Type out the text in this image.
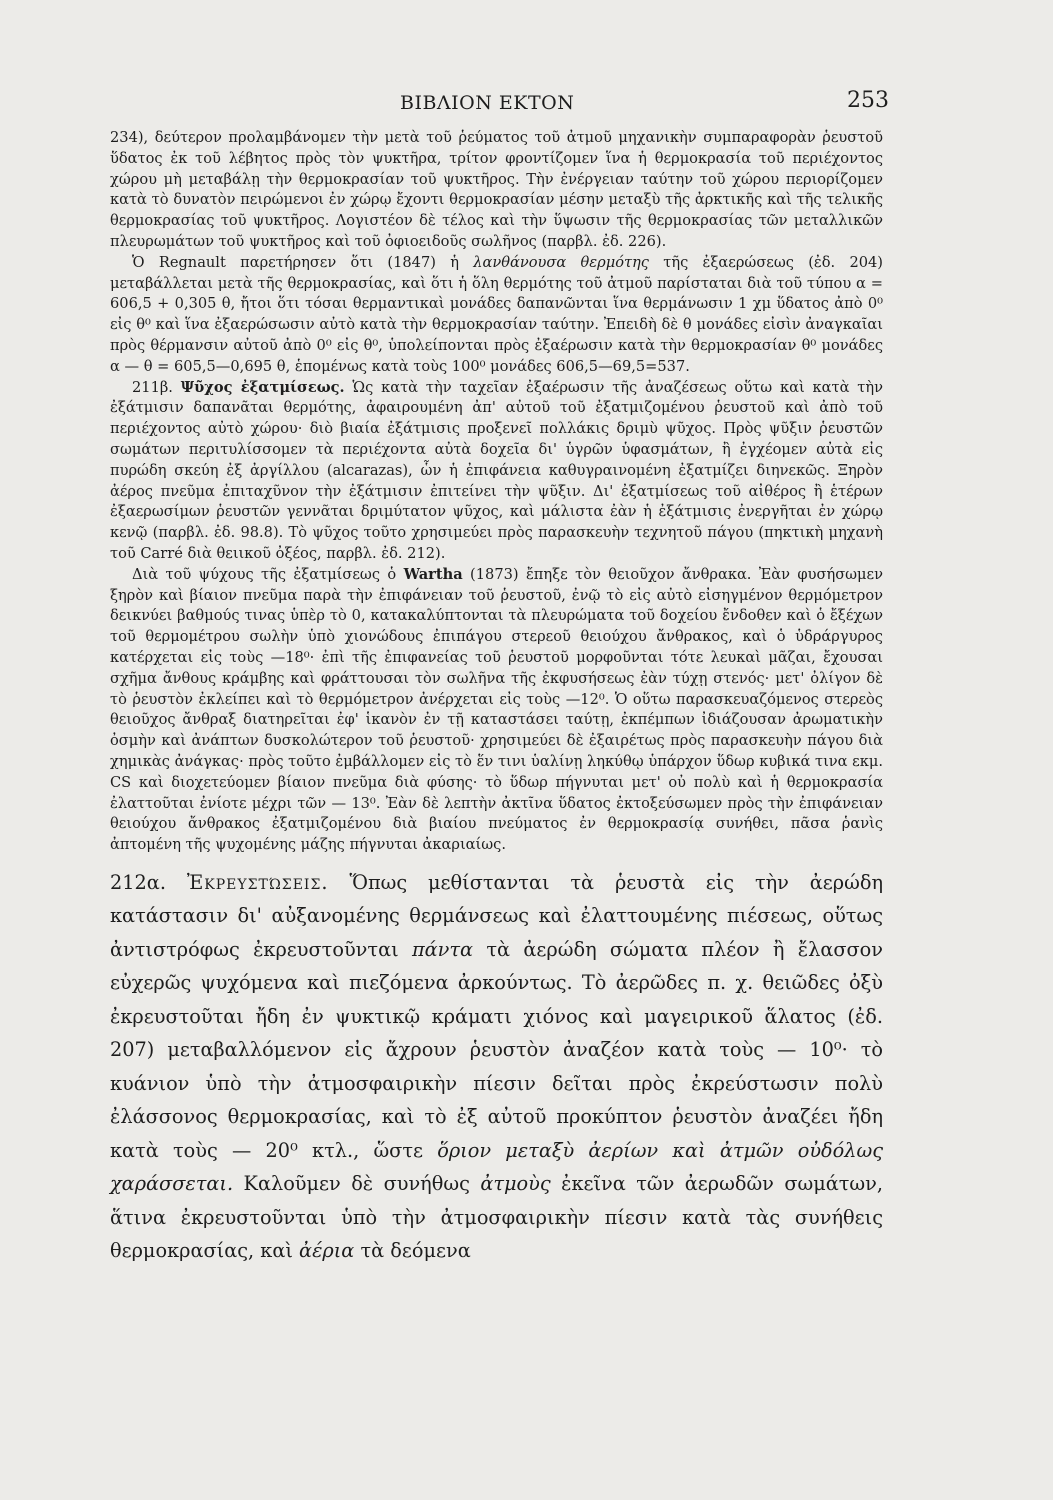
ΒΙΒΛΙΟΝ ΕΚΤΟΝ	253

234), δεύτερον προλαμβάνομεν τὴν μετὰ τοῦ ῥεύματος τοῦ ἀτμοῦ μηχανικὴν συμπαραφορὰν ῥευστοῦ ὕδατος ἐκ τοῦ λέβητος πρὸς τὸν ψυκτῆρα, τρίτον φροντίζομεν ἵνα ἡ θερμοκρασία τοῦ περιέχοντος χώρου μὴ μεταβάλῃ τὴν θερμοκρασίαν τοῦ ψυκτῆρος. Τὴν ἐνέργειαν ταύτην τοῦ χώρου περιορίζομεν κατὰ τὸ δυνατὸν πειρώμενοι ἐν χώρῳ ἔχοντι θερμοκρασίαν μέσην μεταξὺ τῆς ἀρκτικῆς καὶ τῆς τελικῆς θερμοκρασίας τοῦ ψυκτῆρος. Λογιστέον δὲ τέλος καὶ τὴν ὕψωσιν τῆς θερμοκρασίας τῶν μεταλλικῶν πλευρωμάτων τοῦ ψυκτῆρος καὶ τοῦ ὀφιοειδοῦς σωλῆνος (παρβλ. ἐδ. 226).

Ὁ Regnault παρετήρησεν ὅτι (1847) ἡ λανθάνουσα θερμότης τῆς ἐξαερώσεως (ἐδ. 204) μεταβάλλεται μετὰ τῆς θερμοκρασίας, καὶ ὅτι ἡ ὅλη θερμότης τοῦ ἀτμοῦ παρίσταται διὰ τοῦ τύπου α = 606,5 + 0,305 θ, ἤτοι ὅτι τόσαι θερμαντικαὶ μονάδες δαπανῶνται ἵνα θερμάνωσιν 1 χμ ὕδατος ἀπὸ 0⁰ εἰς θ⁰ καὶ ἵνα ἐξαερώσωσιν αὐτὸ κατὰ τὴν θερμοκρασίαν ταύτην. Ἐπειδὴ δὲ θ μονάδες εἰσὶν ἀναγκαῖαι πρὸς θέρμανσιν αὐτοῦ ἀπὸ 0⁰ εἰς θ⁰, ὑπολείπονται πρὸς ἐξαέρωσιν κατὰ τὴν θερμοκρασίαν θ⁰ μονάδες α — θ = 605,5—0,695 θ, ἑπομένως κατὰ τοὺς 100⁰ μονάδες 606,5—69,5=537.

211β. Ψῦχος ἐξατμίσεως. Ὡς κατὰ τὴν ταχεῖαν ἐξαέρωσιν τῆς ἀναζέσεως οὕτω καὶ κατὰ τὴν ἐξάτμισιν δαπανᾶται θερμότης, ἀφαιρουμένη ἀπ' αὐτοῦ τοῦ ἐξατμιζομένου ῥευστοῦ καὶ ἀπὸ τοῦ περιέχοντος αὐτὸ χώρου· διὸ βιαία ἐξάτμισις προξενεῖ πολλάκις δριμὺ ψῦχος. Πρὸς ψῦξιν ῥευστῶν σωμάτων περιτυλίσσομεν τὰ περιέχοντα αὐτὰ δοχεῖα δι' ὑγρῶν ὑφασμάτων, ἢ ἐγχέομεν αὐτὰ εἰς πυρώδη σκεύη ἐξ ἀργίλλου (alcarazas), ὧν ἡ ἐπιφάνεια καθυγραινομένη ἐξατμίζει διηνεκῶς. Ξηρὸν ἀέρος πνεῦμα ἐπιταχῦνον τὴν ἐξάτμισιν ἐπιτείνει τὴν ψῦξιν. Δι' ἐξατμίσεως τοῦ αἰθέρος ἢ ἑτέρων ἐξαερωσίμων ῥευστῶν γεννᾶται δριμύτατον ψῦχος, καὶ μάλιστα ἐὰν ἡ ἐξάτμισις ἐνεργῆται ἐν χώρῳ κενῷ (παρβλ. ἐδ. 98.8). Τὸ ψῦχος τοῦτο χρησιμεύει πρὸς παρασκευὴν τεχνητοῦ πάγου (πηκτικὴ μηχανὴ τοῦ Carré διὰ θειικοῦ ὀξέος, παρβλ. ἐδ. 212).

Διὰ τοῦ ψύχους τῆς ἐξατμίσεως ὁ Wartha (1873) ἔπηξε τὸν θειοῦχον ἄνθρακα. Ἐὰν φυσήσωμεν ξηρὸν καὶ βίαιον πνεῦμα παρὰ τὴν ἐπιφάνειαν τοῦ ῥευστοῦ, ἐνῷ τὸ εἰς αὐτὸ εἰσηγμένον θερμόμετρον δεικνύει βαθμούς τινας ὑπὲρ τὸ 0, κατακαλύπτονται τὰ πλευρώματα τοῦ δοχείου ἔνδοθεν καὶ ὁ ἔξέχων τοῦ θερμομέτρου σωλὴν ὑπὸ χιονώδους ἐπιπάγου στερεοῦ θειούχου ἄνθρακος, καὶ ὁ ὑδράργυρος κατέρχεται εἰς τοὺς —18⁰· ἐπὶ τῆς ἐπιφανείας τοῦ ῥευστοῦ μορφοῦνται τότε λευκαὶ μᾶζαι, ἔχουσαι σχῆμα ἄνθους κράμβης καὶ φράττουσαι τὸν σωλῆνα τῆς ἐκφυσήσεως ἐὰν τύχῃ στενός· μετ' ὀλίγον δὲ τὸ ῥευστὸν ἐκλείπει καὶ τὸ θερμόμετρον ἀνέρχεται εἰς τοὺς —12⁰. Ὁ οὕτω παρασκευαζόμενος στερεὸς θειοῦχος ἄνθραξ διατηρεῖται ἐφ' ἱκανὸν ἐν τῇ καταστάσει ταύτῃ, ἐκπέμπων ἰδιάζουσαν ἀρωματικὴν ὀσμὴν καὶ ἀνάπτων δυσκολώτερον τοῦ ῥευστοῦ· χρησιμεύει δὲ ἐξαιρέτως πρὸς παρασκευὴν πάγου διὰ χημικὰς ἀνάγκας· πρὸς τοῦτο ἐμβάλλομεν εἰς τὸ ἕν τινι ὑαλίνῃ ληκύθῳ ὑπάρχον ὕδωρ κυβικά τινα εκμ. CS καὶ διοχετεύομεν βίαιον πνεῦμα διὰ φύσης· τὸ ὕδωρ πήγνυται μετ' οὐ πολὺ καὶ ἡ θερμοκρασία ἐλαττοῦται ἐνίοτε μέχρι τῶν — 13⁰. Ἐὰν δὲ λεπτὴν ἀκτῖνα ὕδατος ἐκτοξεύσωμεν πρὸς τὴν ἐπιφάνειαν θειούχου ἄνθρακος ἐξατμιζομένου διὰ βιαίου πνεύματος ἐν θερμοκρασίᾳ συνήθει, πᾶσα ῥανὶς ἀπτομένη τῆς ψυχομένης μάζης πήγνυται ἀκαριαίως.

212α. Ἐκρευστώσεις. Ὅπως μεθίστανται τὰ ῥευστὰ εἰς τὴν ἀερώδη κατάστασιν δι' αὐξανομένης θερμάνσεως καὶ ἐλαττουμένης πιέσεως, οὕτως ἀντιστρόφως ἐκρευστοῦνται πάντα τὰ ἀερώδη σώματα πλέον ἢ ἔλασσον εὐχερῶς ψυχόμενα καὶ πιεζόμενα ἀρκούντως. Τὸ ἀερῶδες π. χ. θειῶδες ὀξὺ ἐκρευστοῦται ἤδη ἐν ψυκτικῷ κράματι χιόνος καὶ μαγειρικοῦ ἅλατος (ἐδ. 207) μεταβαλλόμενον εἰς ἄχρουν ῥευστὸν ἀναζέον κατὰ τοὺς — 10⁰· τὸ κυάνιον ὑπὸ τὴν ἀτμοσφαιρικὴν πίεσιν δεῖται πρὸς ἐκρεύστωσιν πολὺ ἐλάσσονος θερμοκρασίας, καὶ τὸ ἐξ αὐτοῦ προκύπτον ῥευστὸν ἀναζέει ἤδη κατὰ τοὺς — 20⁰ κτλ., ὥστε ὅριον μεταξὺ ἀερίων καὶ ἀτμῶν οὐδόλως χαράσσεται. Καλοῦμεν δὲ συνήθως ἀτμοὺς ἐκεῖνα τῶν ἀερωδῶν σωμάτων, ἅτινα ἐκρευστοῦνται ὑπὸ τὴν ἀτμοσφαιρικὴν πίεσιν κατὰ τὰς συνήθεις θερμοκρασίας, καὶ ἀέρια τὰ δεόμενα
